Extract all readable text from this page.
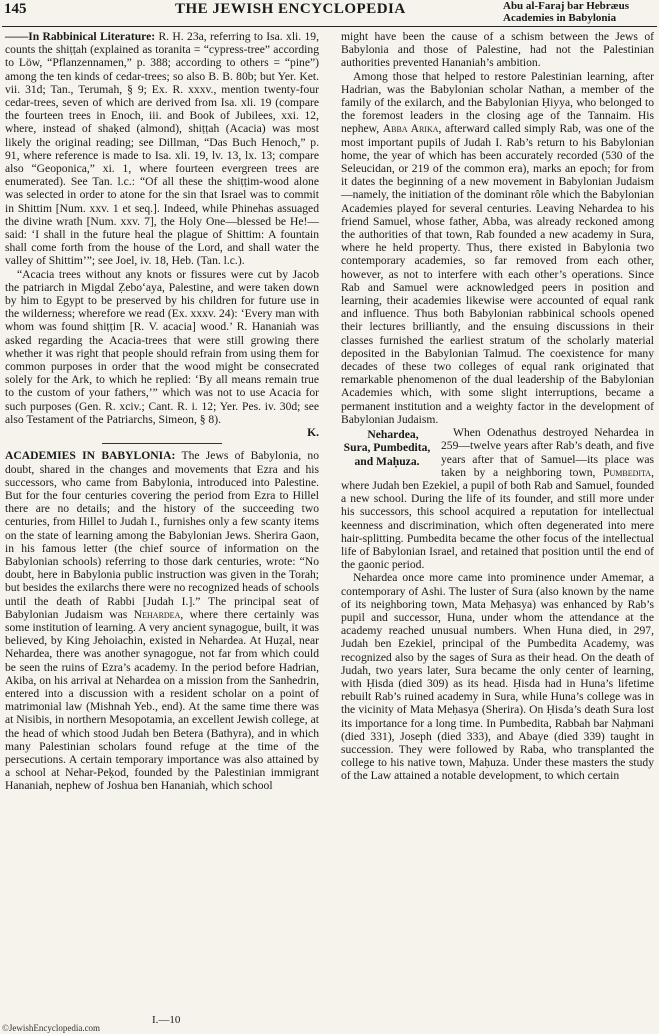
145	THE JEWISH ENCYCLOPEDIA	Abu al-Faraj bar Hebræus
Academies in Babylonia

——In Rabbinical Literature: R. H. 23a, referring to Isa. xli. 19, counts the shiṭṭah (explained as toranita = “cypress-tree” according to Löw, “Pflanzennamen,” p. 388; according to others = “pine”) among the ten kinds of cedar-trees; so also B. B. 80b; but Yer. Ket. vii. 31d; Tan., Terumah, § 9; Ex. R. xxxv., mention twenty-four cedar-trees, seven of which are derived from Isa. xli. 19 (compare the fourteen trees in Enoch, iii. and Book of Jubilees, xxi. 12, where, instead of shaḳed (almond), shiṭṭah (Acacia) was most likely the original reading; see Dillman, “Das Buch Henoch,” p. 91, where reference is made to Isa. xli. 19, lv. 13, lx. 13; compare also “Geoponica,” xi. 1, where fourteen evergreen trees are enumerated). See Tan. l.c.: “Of all these the shiṭṭim-wood alone was selected in order to atone for the sin that Israel was to commit in Shittim [Num. xxv. 1 et seq.]. Indeed, while Phinehas assuaged the divine wrath [Num. xxv. 7], the Holy One—blessed be He!—said: ‘I shall in the future heal the plague of Shittim: A fountain shall come forth from the house of the Lord, and shall water the valley of Shittim’”; see Joel, iv. 18, Heb. (Tan. l.c.).

“Acacia trees without any knots or fissures were cut by Jacob the patriarch in Migdal Ẓebo‘aya, Palestine, and were taken down by him to Egypt to be preserved by his children for future use in the wilderness; wherefore we read (Ex. xxxv. 24): ‘Every man with whom was found shiṭṭim [R. V. acacia] wood.’ R. Hananiah was asked regarding the Acacia-trees that were still growing there whether it was right that people should refrain from using them for common purposes in order that the wood might be consecrated solely for the Ark, to which he replied: ‘By all means remain true to the custom of your fathers,’” which was not to use Acacia for such purposes (Gen. R. xciv.; Cant. R. i. 12; Yer. Pes. iv. 30d; see also Testament of the Patriarchs, Simeon, § 8).

K.

ACADEMIES IN BABYLONIA: The Jews of Babylonia, no doubt, shared in the changes and movements that Ezra and his successors, who came from Babylonia, introduced into Palestine. But for the four centuries covering the period from Ezra to Hillel there are no details; and the history of the succeeding two centuries, from Hillel to Judah I., furnishes only a few scanty items on the state of learning among the Babylonian Jews. Sherira Gaon, in his famous letter (the chief source of information on the Babylonian schools) referring to those dark centuries, wrote: “No doubt, here in Babylonia public instruction was given in the Torah; but besides the exilarchs there were no recognized heads of schools until the death of Rabbi [Judah I.].” The principal seat of Babylonian Judaism was Nehardea, where there certainly was some institution of learning. A very ancient synagogue, built, it was believed, by King Jehoiachin, existed in Nehardea. At Huẓal, near Nehardea, there was another synagogue, not far from which could be seen the ruins of Ezra’s academy. In the period before Hadrian, Akiba, on his arrival at Nehardea on a mission from the Sanhedrin, entered into a discussion with a resident scholar on a point of matrimonial law (Mishnah Yeb., end). At the same time there was at Nisibis, in northern Mesopotamia, an excellent Jewish college, at the head of which stood Judah ben Betera (Bathyra), and in which many Palestinian scholars found refuge at the time of the persecutions. A certain temporary importance was also attained by a school at Nehar-Peḳod, founded by the Palestinian immigrant Hananiah, nephew of Joshua ben Hananiah, which school

might have been the cause of a schism between the Jews of Babylonia and those of Palestine, had not the Palestinian authorities prevented Hananiah’s ambition.

Among those that helped to restore Palestinian learning, after Hadrian, was the Babylonian scholar Nathan, a member of the family of the exilarch, and the Babylonian Ḥiyya, who belonged to the foremost leaders in the closing age of the Tannaim. His nephew, Abba Arika, afterward called simply Rab, was one of the most important pupils of Judah I. Rab’s return to his Babylonian home, the year of which has been accurately recorded (530 of the Seleucidan, or 219 of the common era), marks an epoch; for from it dates the beginning of a new movement in Babylonian Judaism—namely, the initiation of the dominant rôle which the Babylonian Academies played for several centuries. Leaving Nehardea to his friend Samuel, whose father, Abba, was already reckoned among the authorities of that town, Rab founded a new academy in Sura, where he held property. Thus, there existed in Babylonia two contemporary academies, so far removed from each other, however, as not to interfere with each other’s operations. Since Rab and Samuel were acknowledged peers in position and learning, their academies likewise were accounted of equal rank and influence. Thus both Babylonian rabbinical schools opened their lectures brilliantly, and the ensuing discussions in their classes furnished the earliest stratum of the scholarly material deposited in the Babylonian Talmud. The coexistence for many decades of these two colleges of equal rank originated that remarkable phenomenon of the dual leadership of the Babylonian Academies which, with some slight interruptions, became a permanent institution and a weighty factor in the development of Babylonian Judaism.

Nehardea, Sura, Pumbedita, and Maḥuza.
When Odenathus destroyed Nehardea in 259—twelve years after Rab’s death, and five years after that of Samuel—its place was taken by a neighboring town, Pumbedita, where Judah ben Ezekiel, a pupil of both Rab and Samuel, founded a new school. During the life of its founder, and still more under his successors, this school acquired a reputation for intellectual keenness and discrimination, which often degenerated into mere hair-splitting. Pumbedita became the other focus of the intellectual life of Babylonian Israel, and retained that position until the end of the gaonic period.

Nehardea once more came into prominence under Amemar, a contemporary of Ashi. The luster of Sura (also known by the name of its neighboring town, Mata Meḥasya) was enhanced by Rab’s pupil and successor, Huna, under whom the attendance at the academy reached unusual numbers. When Huna died, in 297, Judah ben Ezekiel, principal of the Pumbedita Academy, was recognized also by the sages of Sura as their head. On the death of Judah, two years later, Sura became the only center of learning, with Ḥisda (died 309) as its head. Ḥisda had in Huna’s lifetime rebuilt Rab’s ruined academy in Sura, while Huna’s college was in the vicinity of Mata Meḥasya (Sherira). On Ḥisda’s death Sura lost its importance for a long time. In Pumbedita, Rabbah bar Naḥmani (died 331), Joseph (died 333), and Abaye (died 339) taught in succession. They were followed by Raba, who transplanted the college to his native town, Maḥuza. Under these masters the study of the Law attained a notable development, to which certain

I.—10
©JewishEncyclopedia.com
